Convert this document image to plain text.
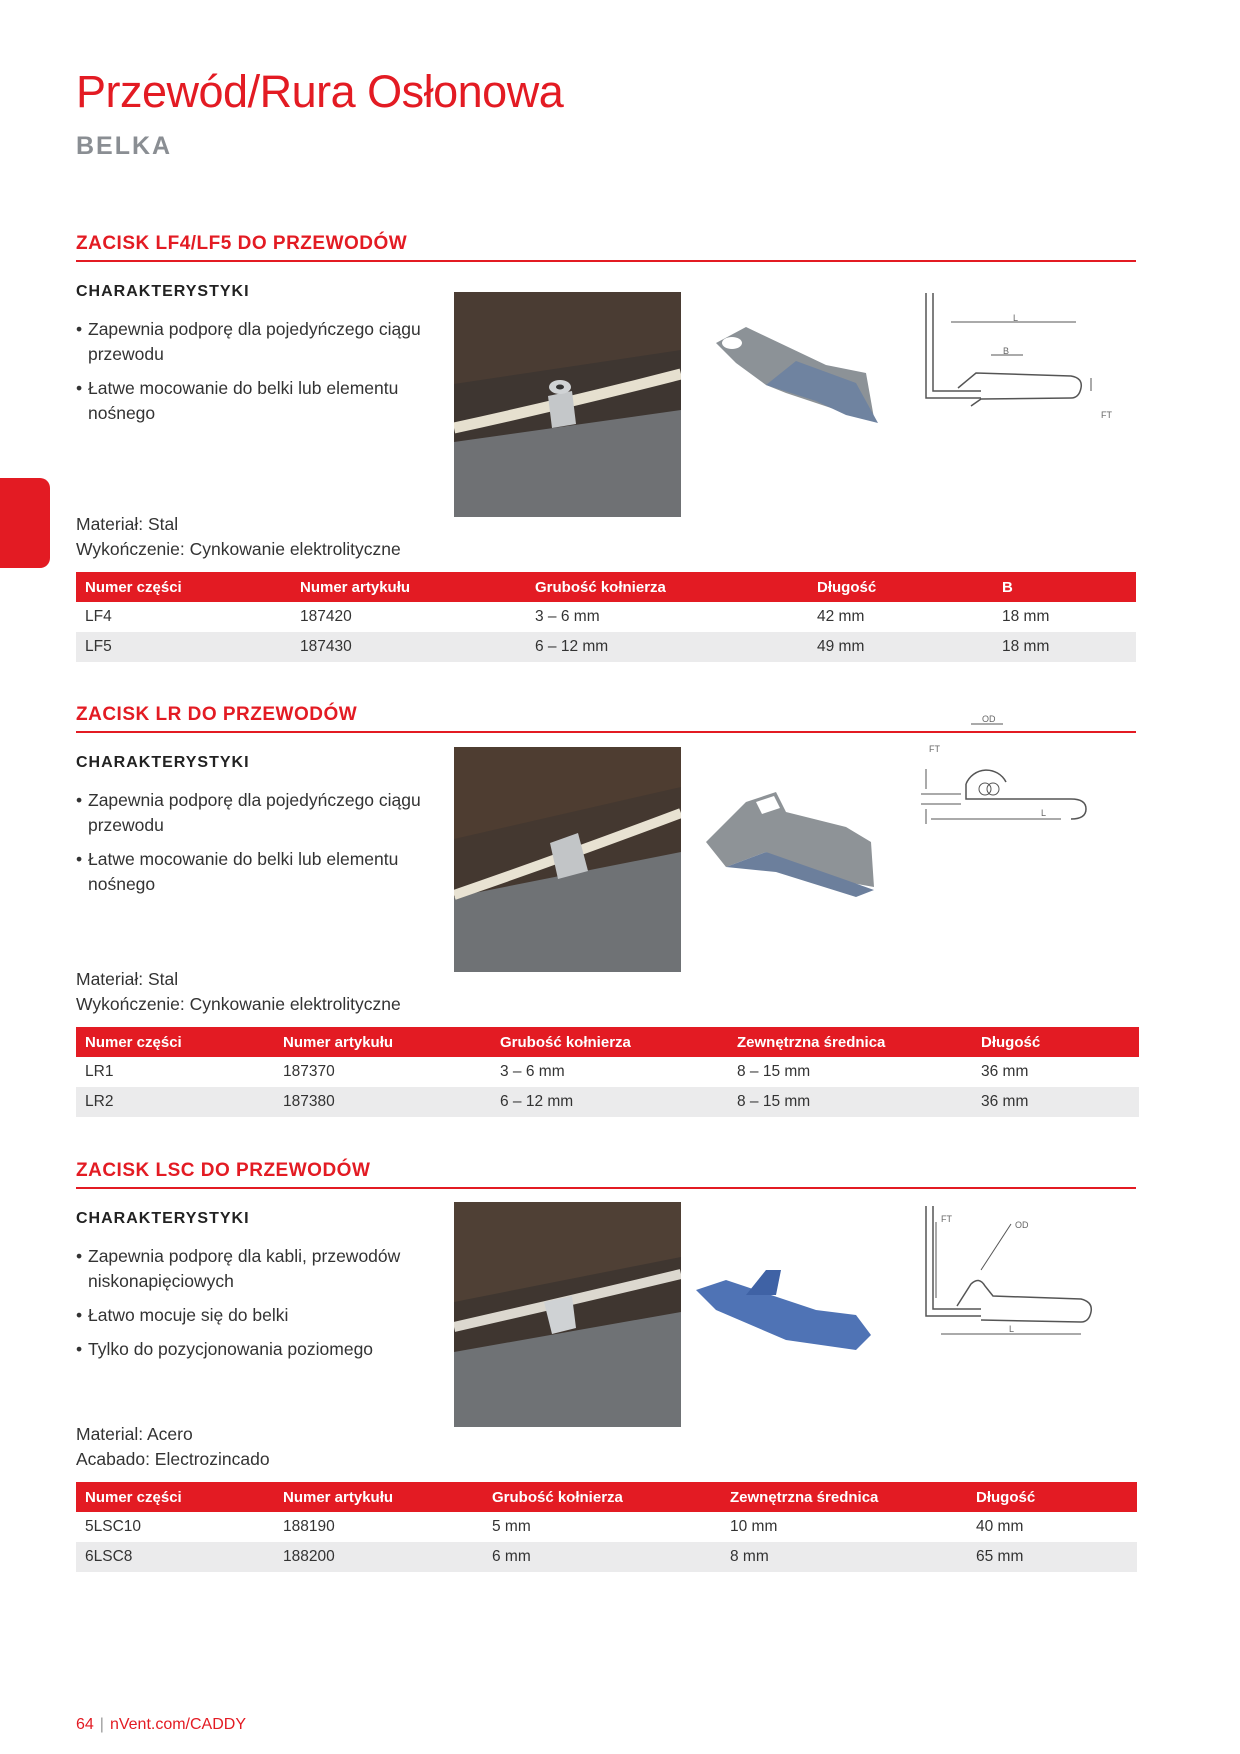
Przewód/Rura Osłonowa
BELKA
ZACISK LF4/LF5 DO PRZEWODÓW
CHARAKTERYSTYKI
• Zapewnia podporę dla pojedyńczego ciągu przewodu
• Łatwe mocowanie do belki lub elementu nośnego
L
B
FT
Materiał: Stal
Wykończenie: Cynkowanie elektrolityczne
Numer części	Numer artykułu	Grubość kołnierza	Długość	B
LF4	187420	3 – 6 mm	42 mm	18 mm
LF5	187430	6 – 12 mm	49 mm	18 mm
ZACISK LR DO PRZEWODÓW
CHARAKTERYSTYKI
• Zapewnia podporę dla pojedyńczego ciągu przewodu
• Łatwe mocowanie do belki lub elementu nośnego
OD
FT
L
Materiał: Stal
Wykończenie: Cynkowanie elektrolityczne
Numer części	Numer artykułu	Grubość kołnierza	Zewnętrzna średnica	Długość
LR1	187370	3 – 6 mm	8 – 15 mm	36 mm
LR2	187380	6 – 12 mm	8 – 15 mm	36 mm
ZACISK LSC DO PRZEWODÓW
CHARAKTERYSTYKI
• Zapewnia podporę dla kabli, przewodów niskonapięciowych
• Łatwo mocuje się do belki
• Tylko do pozycjonowania poziomego
FT
OD
L
Material: Acero
Acabado: Electrozincado
Numer części	Numer artykułu	Grubość kołnierza	Zewnętrzna średnica	Długość
5LSC10	188190	5 mm	10 mm	40 mm
6LSC8	188200	6 mm	8 mm	65 mm
64 | nVent.com/CADDY
